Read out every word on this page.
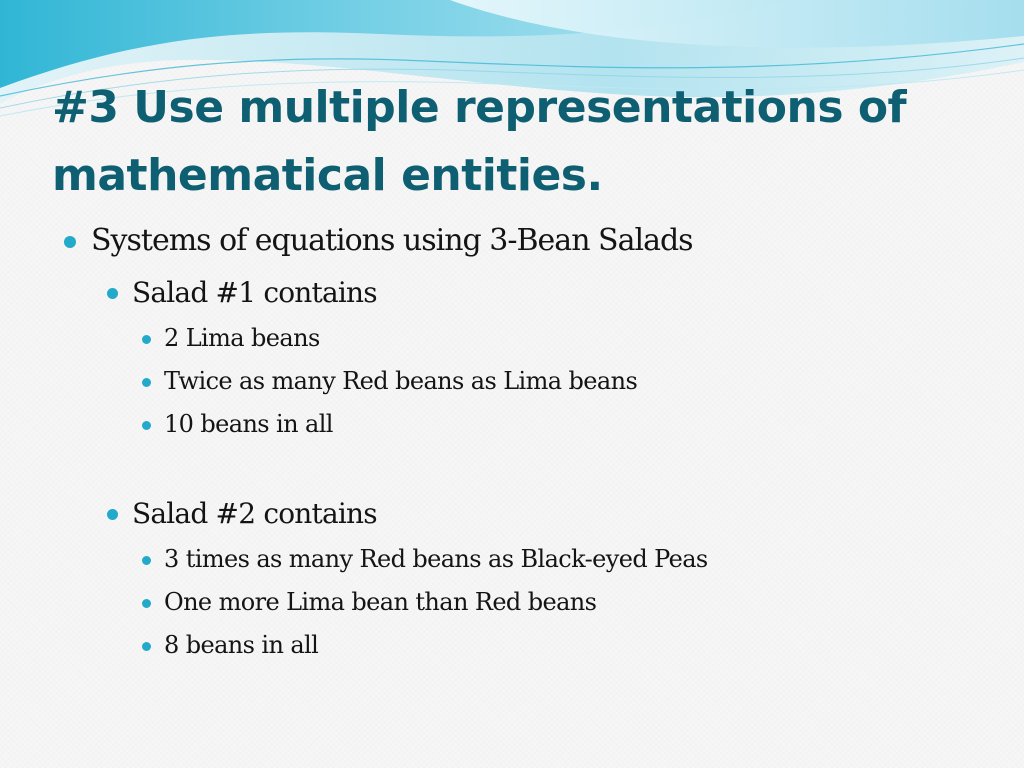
#3 Use multiple representations of
mathematical entities.
Systems of equations using 3-Bean Salads
Salad #1 contains
2 Lima beans
Twice as many Red beans as Lima beans
10 beans in all
Salad #2 contains
3 times as many Red beans as Black-eyed Peas
One more Lima bean than Red beans
8 beans in all
